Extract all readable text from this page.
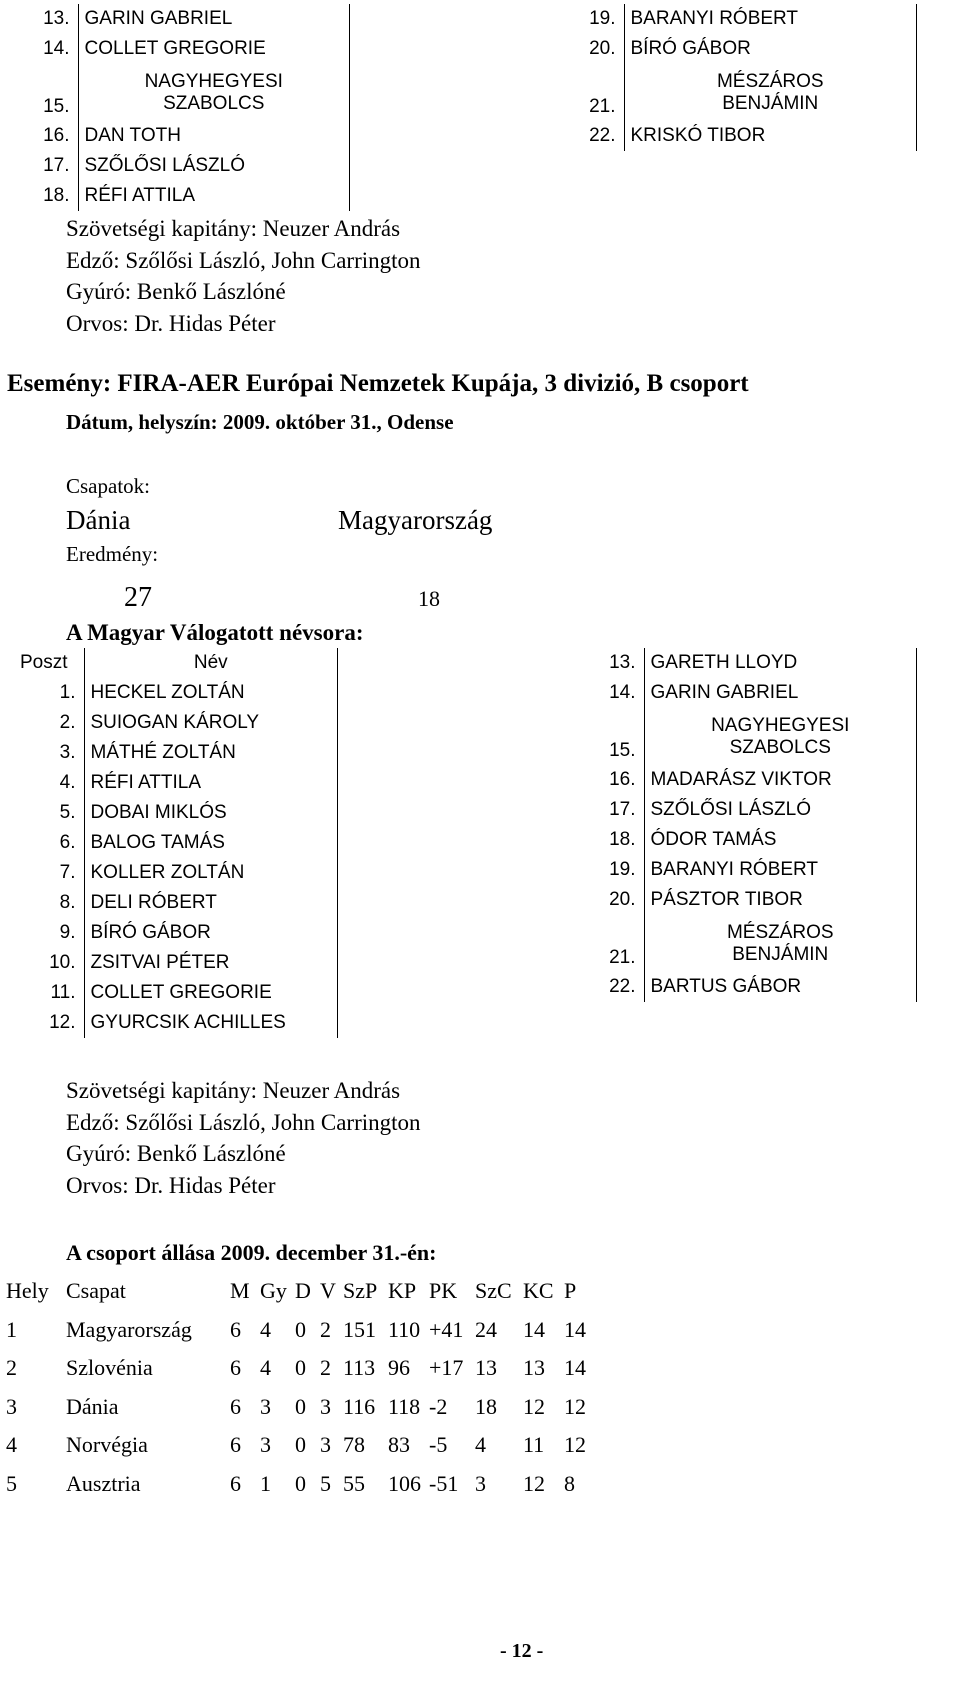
13.	GARIN GABRIEL
14.	COLLET GREGORIE
15.	NAGYHEGYESI
SZABOLCS

16.	DAN TOTH
17.	SZŐLŐSI LÁSZLÓ
18.	RÉFI ATTILA
19.	BARANYI RÓBERT
20.	BÍRÓ GÁBOR
21.	MÉSZÁROS
BENJÁMIN

22.	KRISKÓ TIBOR
Szövetségi kapitány: Neuzer András
Edző: Szőlősi László, John Carrington
Gyúró: Benkő Lászlóné
Orvos: Dr. Hidas Péter
Esemény: FIRA-AER Európai Nemzetek Kupája, 3 divizió, B csoport
Dátum, helyszín: 2009. október 31., Odense
Csapatok:
Dánia	Magyarország
Eredmény:
27	18
A Magyar Válogatott névsora:
Poszt	Név
1.	HECKEL ZOLTÁN
2.	SUIOGAN KÁROLY
3.	MÁTHÉ ZOLTÁN
4.	RÉFI ATTILA
5.	DOBAI MIKLÓS
6.	BALOG TAMÁS
7.	KOLLER ZOLTÁN
8.	DELI RÓBERT
9.	BÍRÓ GÁBOR
10.	ZSITVAI PÉTER
11.	COLLET GREGORIE
12.	GYURCSIK ACHILLES
13.	GARETH LLOYD
14.	GARIN GABRIEL
15.	NAGYHEGYESI
SZABOLCS

16.	MADARÁSZ VIKTOR
17.	SZŐLŐSI LÁSZLÓ
18.	ÓDOR TAMÁS
19.	BARANYI RÓBERT
20.	PÁSZTOR TIBOR
21.	MÉSZÁROS
BENJÁMIN

22.	BARTUS GÁBOR
Szövetségi kapitány: Neuzer András
Edző: Szőlősi László, John Carrington
Gyúró: Benkő Lászlóné
Orvos: Dr. Hidas Péter
A csoport állása 2009. december 31.-én:
Hely	Csapat	M	Gy	D	V	SzP	KP	PK	SzC	KC	P
1	Magyarország	6	4	0	2	151	110	+41	24	14	14
2	Szlovénia	6	4	0	2	113	96	+17	13	13	14
3	Dánia	6	3	0	3	116	118	-2	18	12	12
4	Norvégia	6	3	0	3	78	83	-5	4	11	12
5	Ausztria	6	1	0	5	55	106	-51	3	12	8
- 12 -
